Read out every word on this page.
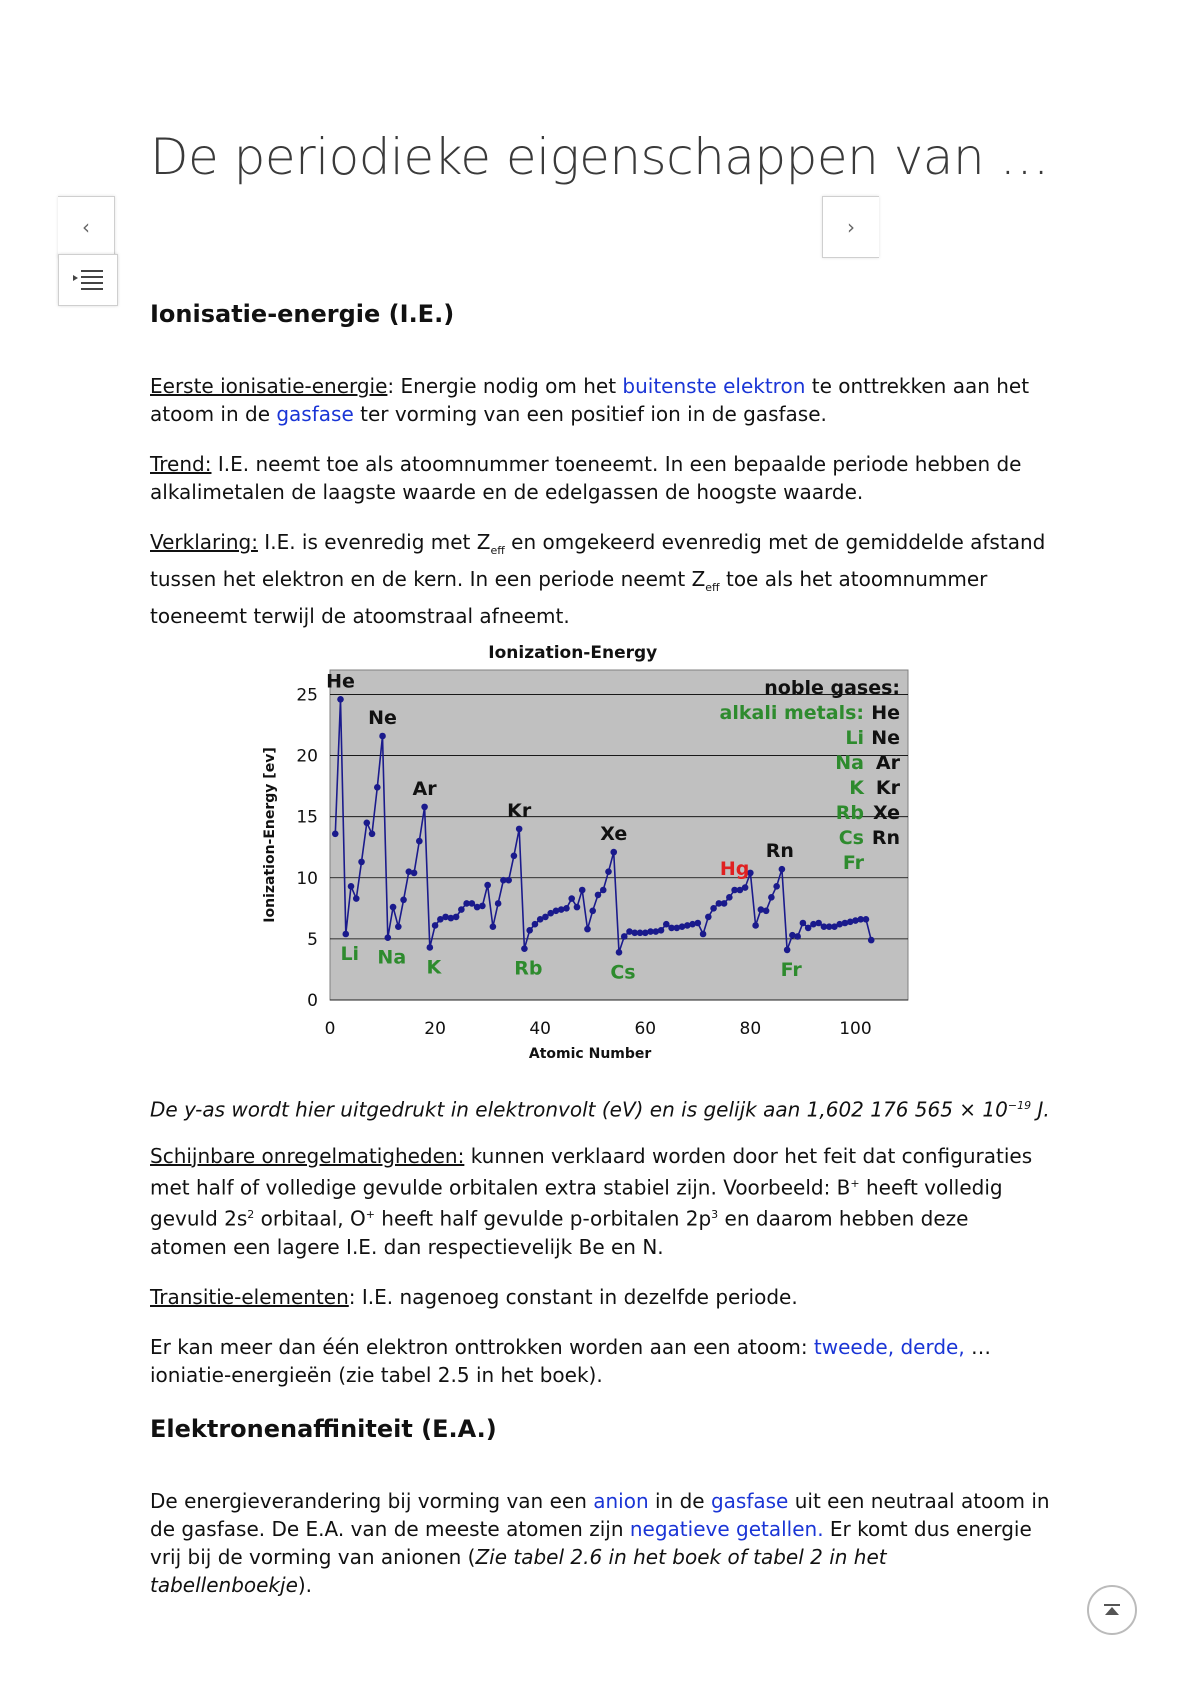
De periodieke eigenschappen van …
‹	›
Ionisatie-energie (I.E.)

Eerste ionisatie-energie: Energie nodig om het buitenste elektron te onttrekken aan het atoom in de gasfase ter vorming van een positief ion in de gasfase.

Trend: I.E. neemt toe als atoomnummer toeneemt. In een bepaalde periode hebben de alkalimetalen de laagste waarde en de edelgassen de hoogste waarde.

Verklaring: I.E. is evenredig met $Z_{eff}$ en omgekeerd evenredig met de gemiddelde afstand tussen het elektron en de kern. In een periode neemt $Z_{eff}$ toe als het atoomnummer toeneemt terwijl de atoomstraal afneemt.

De y-as wordt hier uitgedrukt in elektronvolt (eV) en is gelijk aan 1,602 176 $565 \times 10^{-19}$ J.

Schijnbare onregelmatigheden: kunnen verklaard worden door het feit dat configuraties met half of volledige gevulde orbitalen extra stabiel zijn. Voorbeeld: B+ heeft volledig gevuld $2s^2$ orbitaal, O+ heeft half gevulde p-orbitalen $2p^3$ en daarom hebben deze atomen een lagere I.E. dan respectievelijk Be en N.

Transitie-elementen: I.E. nagenoeg constant in dezelfde periode.

Er kan meer dan één elektron onttrokken worden aan een atoom: tweede, derde, … ioniatie-energieën (zie tabel 2.5 in het boek).

Elektronenaffiniteit (E.A.)

De energieverandering bij vorming van een anion in de gasfase uit een neutraal atoom in de gasfase. De E.A. van de meeste atomen zijn negatieve getallen. Er komt dus energie vrij bij de vorming van anionen (Zie tabel 2.6 in het boek of tabel 2 in het tabellenboekje).

0
5
10
15
20
25
0	20	40	60	80	100
Ionization-Energy
Atomic Number
Ionization-Energy [ev]
He
Ne
Ar
Kr
Xe
Rn
Li Na K	Rb	Cs	Fr
Hg
noble gases:
alkali metals: He
Ne
Ar
Kr
Xe
Rn
Li
Na
K
Rb
Cs
Fr
